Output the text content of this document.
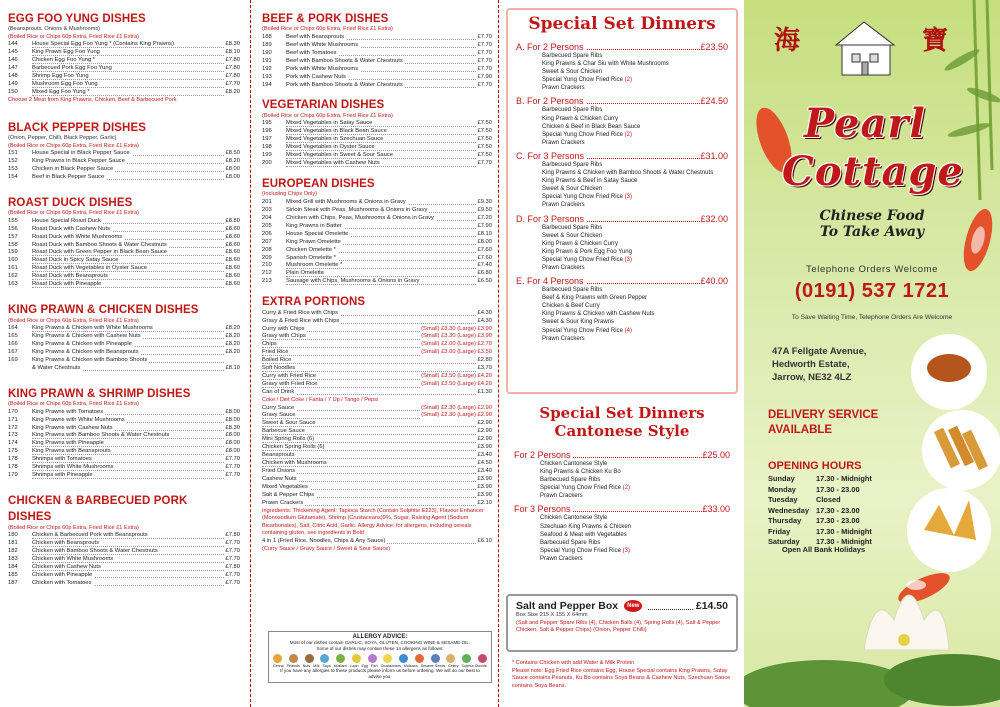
EGG FOO YUNG DISHES
(Beansprouts, Onions & Mushrooms)
(Boiled Rice or Chips 60p Extra, Fried Rice £1 Extra)
144	House Special Egg Foo Yung * (Contains King Prawns)	£8.30
145	King Prawn Egg Foo Yung	£8.10
146	Chicken Egg Foo Yung *	£7.80
147	Barbecued Pork Egg Foo Yung	£7.80
148	Shrimp Egg Foo Yung	£7.80
149	Mushroom Egg Foo Yung	£7.70
150	Mixed Egg Foo Yung *	£8.20
Choose 2 Meat from King Prawns, Chicken, Beef & Barbecued Pork
BLACK PEPPER DISHES
(Onion, Pepper, Chilli, Black Pepper, Garlic)
(Boiled Rice or Chips 60p Extra, Fried Rice £1 Extra)
151	House Special in Black Pepper Sauce	£8.50
152	King Prawns in Black Pepper Sauce	£8.20
153	Chicken in Black Pepper Sauce	£8.00
154	Beef in Black Pepper Sauce	£8.00
ROAST DUCK DISHES
(Boiled Rice or Chips 60p Extra, Fried Rice £1 Extra)
155	House Special Roast Duck	£8.80
156	Roast Duck with Cashew Nuts	£8.60
157	Roast Duck with White Mushrooms	£8.60
158	Roast Duck with Bamboo Shoots & Water Chestnuts	£8.60
159	Roast Duck with Green Pepper in Black Bean Sauce	£8.60
160	Roast Duck in Spicy Satay Sauce	£8.60
161	Roast Duck with Vegetables in Oyster Sauce	£8.60
162	Roast Duck with Beansprouts	£8.60
163	Roast Duck with Pineapple	£8.60
KING PRAWN & CHICKEN DISHES
(Boiled Rice or Chips 60p Extra, Fried Rice £1 Extra)
164	King Prawns & Chicken with White Mushrooms	£8.20
165	King Prawns & Chicken with Cashew Nuts	£8.20
166	King Prawns & Chicken with Pineapple	£8.20
167	King Prawns & Chicken with Beansprouts	£8.20
169	King Prawns & Chicken with Bamboo Shoots
& Water Chestnuts	£8.10
KING PRAWN & SHRIMP DISHES
(Boiled Rice or Chips 60p Extra, Fried Rice £1 Extra)
170	King Prawns with Tomatoes	£8.00
171	King Prawns with White Mushrooms	£8.00
172	King Prawns with Cashew Nuts	£8.30
173	King Prawns with Bamboo Shoots & Water Chestnuts	£8.00
174	King Prawns with Pineapple	£8.00
175	King Prawns with Beansprouts	£8.00
178	Shrimps with Tomatoes	£7.70
178	Shrimps with White Mushrooms	£7.70
179	Shrimps with Pineapple	£7.70
CHICKEN & BARBECUED PORK
DISHES
(Boiled Rice or Chips 60p Extra, Fried Rice £1 Extra)
180	Chicken & Barbecued Pork with Beansprouts	£7.80
181	Chicken with Beansprouts	£7.70
182	Chicken with Bamboo Shoots & Water Chestnuts	£7.70
183	Chicken with White Mushrooms	£7.70
184	Chicken with Cashew Nuts	£7.80
185	Chicken with Pineapple	£7.70
187	Chicken with Tomatoes	£7.70
BEEF & PORK DISHES
(Boiled Rice or Chips 60p Extra, Fried Rice £1 Extra)
188	Beef with Beansprouts	£7.70
189	Beef with White Mushrooms	£7.70
190	Beef with Tomatoes	£7.70
191	Beef with Bamboo Shoots & Water Chestnuts	£7.70
192	Pork with White Mushrooms	£7.70
193	Pork with Cashew Nuts	£7.90
194	Pork with Bamboo Shoots & Water Chestnuts	£7.70
VEGETARIAN DISHES
(Boiled Rice or Chips 60p Extra, Fried Rice £1 Extra)
195	Mixed Vegetables in Satay Sauce	£7.50
196	Mixed Vegetables in Black Bean Sauce	£7.50
197	Mixed Vegetables in Szechuan Sauce	£7.50
198	Mixed Vegetables in Oyster Sauce	£7.50
199	Mixed Vegetables in Sweet & Sour Sauce	£7.50
200	Mixed Vegetables with Cashew Nuts	£7.70
EUROPEAN DISHES
(Including Chips Only)
201	Mixed Grill with Mushrooms & Onions in Gravy	£9.30
203	Sirloin Steak with Peas, Mushrooms & Onions in Gravy	£9.50
204	Chicken with Chips, Peas, Mushrooms & Onions in Gravy	£7.20
205	King Prawns in Batter	£7.90
206	House Special Omelette	£8.10
207	King Prawn Omelette	£8.00
208	Chicken Omelette *	£7.60
209	Spanish Omelette *	£7.60
210	Mushroom Omelette *	£7.40
212	Plain Omelette	£6.80
213	Sausage with Chips, Mushrooms & Onions in Gravy	£6.50
EXTRA PORTIONS
Curry & Fried Rice with Chips	£4.30
Gravy & Fried Rice with Chips	£4.30
Curry with Chips	(Small) £3.30 (Large) £3.90
Gravy with Chips	(Small) £3.30 (Large) £3.90
Chips	(Small) £2.00 (Large) £2.70
Fried Rice	(Small) £3.00 (Large) £3.50
Boiled Rice	£2.80
Soft Noodles	£3.70
Curry with Fried Rice	(Small) £3.50 (Large) £4.20
Gravy with Fried Rice	(Small) £3.50 (Large) £4.20
Can of Drink	£1.30
Coke / Diet Coke / Fanta / 7 Up / Tango / Pepsi
Curry Sauce	(Small) £2.30 (Large) £2.90
Gravy Sauce	(Small) £2.30 (Large) £2.90
Sweet & Sour Sauce	£2.90
Barbecue Sauce	£2.90
Mini Spring Rolls (6)	£2.90
Chicken Spring Rolls (6)	£3.90
Beansprouts	£3.40
Chicken with Mushrooms	£4.50
Fried Onions	£3.40
Cashew Nuts	£3.90
Mixed Vegetables	£3.90
Salt & Pepper Chips	£3.90
Prawn Crackers	£2.10
Ingredients: Thickening Agent: Tapioca Starch (Contain Sulphite E223), Flavour Enhancer (Monosodium Glutamate), Shrimp (Crustaceans)9%, Sugar, Raising Agent (Sodium Bicarbonates), Salt, Citric Acid, Garlic. Allergy Advice: for allergens, including cereals containing gluten, see ingredients in Bold
4 in 1 (Fried Rice, Noodles, Chips & Any Sauce)	£6.10
(Curry Sauce / Gravy Sauce / Sweet & Sour Sauce)
ALLERGY ADVICE:
Most of our dishes contain GARLIC, SOYA, GLUTEN, COOKING WINE & SESAME OIL.
Some of our dishes may contain these 14 allergens as follows:
Cereal Peanuts Nuts Milk Soya Mustard Lupin Egg Fish Crustaceans Molluscs Sesame Seeds Celery Sulphur Dioxide
If you have any allergies to these products please inform us before ordering. We will do our best to advise you.
Special Set Dinners
A. For 2 Persons	£23.50
Barbecued Spare Ribs
King Prawns & Char Siu with White Mushrooms
Sweet & Sour Chicken
Special Yung Chow Fried Rice (2)
Prawn Crackers
B. For 2 Persons	£24.50
Barbecued Spare Ribs
King Prawn & Chicken Curry
Chicken & Beef in Black Bean Sauce
Special Yung Chow Fried Rice (2)
Prawn Crackers
C. For 3 Persons	£31.00
Barbecued Spare Ribs
King Prawns & Chicken with Bamboo Shoots & Water Chestnuts
King Prawns & Beef in Satay Sauce
Sweet & Sour Chicken
Special Yung Chow Fried Rice (3)
Prawn Crackers
D. For 3 Persons	£32.00
Barbecued Spare Ribs
Sweet & Sour Chicken
King Prawn & Chicken Curry
King Prawn & Pork Egg Foo Yung
Special Yung Chow Fried Rice (3)
Prawn Crackers
E. For 4 Persons	£40.00
Barbecued Spare Ribs
Beef & King Prawns with Green Pepper
Chicken & Beef Curry
King Prawns & Chicken with Cashew Nuts
Sweet & Sour King Prawns
Special Yung Chow Fried Rice (4)
Prawn Crackers
Special Set Dinners
Cantonese Style
For 2 Persons	£25.00
Chicken Cantonese Style
King Prawns & Chicken Ku Bo
Barbecued Spare Ribs
Special Yung Chow Fried Rice (2)
Prawn Crackers
For 3 Persons	£33.00
Chicken Cantonese Style
Szechuan King Prawns & Chicken
Seafood & Meat with Vegetables
Barbecued Spare Ribs
Special Yung Chow Fried Rice (3)
Prawn Crackers
Salt and Pepper Box	New	£14.50
Box Size 215 X 155 X 64mm
(Salt and Pepper Spare Ribs (4), Chicken Balls (4), Spring Rolls (4), Salt & Pepper Chicken, Salt & Pepper Chips) (Onion, Pepper Chilli)
* Contains Chicken with add Water & Milk Protein
Please note: Egg Fried Rice contains Egg, House Special contains King Prawns, Satay Sauce contains Peanuts, Ku Bo contains Soya Beans & Cashew Nuts, Szechuan Sauce contains Soya Beans.
海	寶
Pearl
Cottage
Chinese Food
To Take Away
Telephone Orders Welcome
(0191) 537 1721
To Save Waiting Time, Telephone Orders Are Welcome
47A Fellgate Avenue,
Hedworth Estate,
Jarrow, NE32 4LZ
DELIVERY SERVICE
AVAILABLE
OPENING HOURS
Sunday	17.30 - Midnight
Monday	17.30 - 23.00
Tuesday	Closed
Wednesday 17.30 - 23.00
Thursday	17.30 - 23.00
Friday	17.30 - Midnight
Saturday	17.30 - Midnight
Open All Bank Holidays
